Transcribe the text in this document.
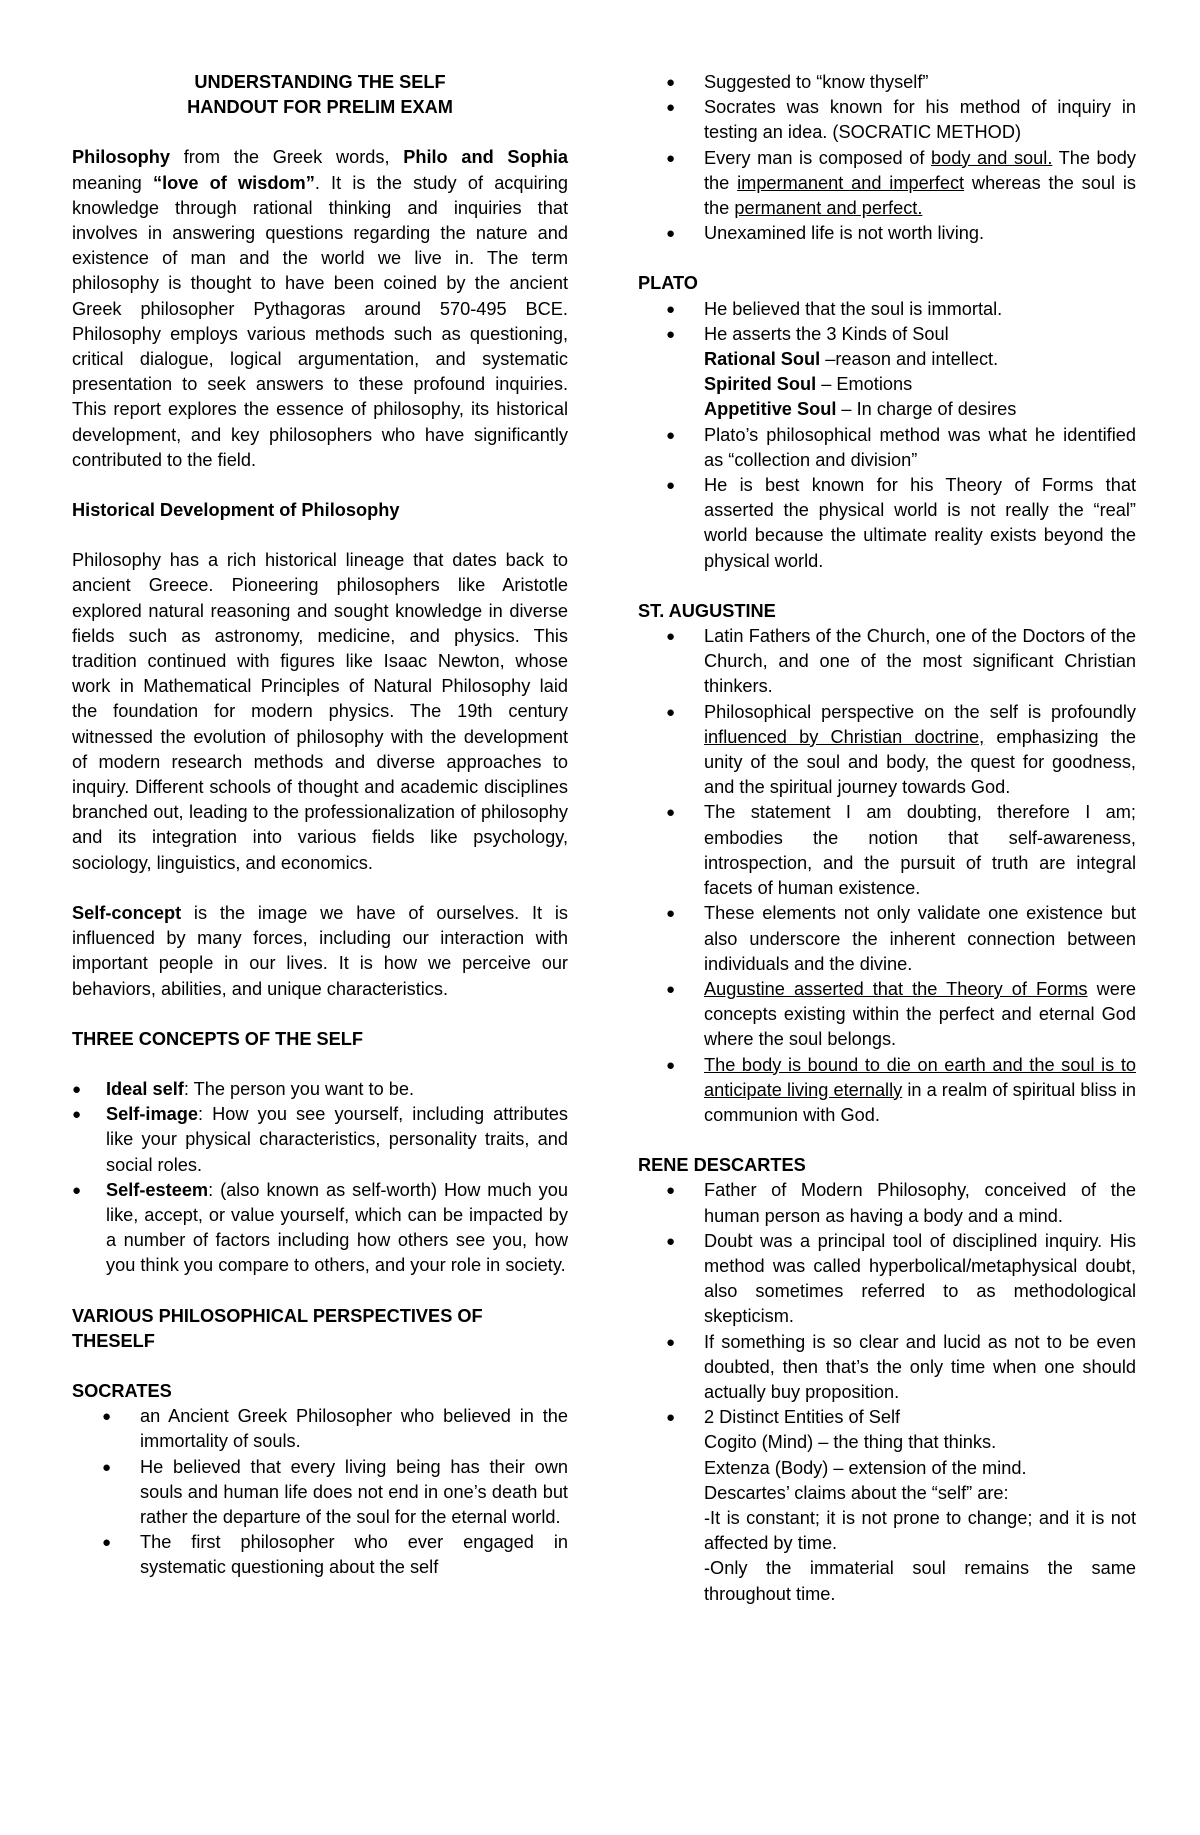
UNDERSTANDING THE SELF

HANDOUT FOR PRELIM EXAM

Philosophy from the Greek words, Philo and Sophia meaning “love of wisdom”. It is the study of acquiring knowledge through rational thinking and inquiries that involves in answering questions regarding the nature and existence of man and the world we live in. The term philosophy is thought to have been coined by the ancient Greek philosopher Pythagoras around 570-495 BCE. Philosophy employs various methods such as questioning, critical dialogue, logical argumentation, and systematic presentation to seek answers to these profound inquiries. This report explores the essence of philosophy, its historical development, and key philosophers who have significantly contributed to the field.

Historical Development of Philosophy

Philosophy has a rich historical lineage that dates back to ancient Greece. Pioneering philosophers like Aristotle explored natural reasoning and sought knowledge in diverse fields such as astronomy, medicine, and physics. This tradition continued with figures like Isaac Newton, whose work in Mathematical Principles of Natural Philosophy laid the foundation for modern physics. The 19th century witnessed the evolution of philosophy with the development of modern research methods and diverse approaches to inquiry. Different schools of thought and academic disciplines branched out, leading to the professionalization of philosophy and its integration into various fields like psychology, sociology, linguistics, and economics.

Self-concept is the image we have of ourselves. It is influenced by many forces, including our interaction with important people in our lives. It is how we perceive our behaviors, abilities, and unique characteristics.

THREE CONCEPTS OF THE SELF

● Ideal self: The person you want to be.
● Self-image: How you see yourself, including attributes like your physical characteristics, personality traits, and social roles.
● Self-esteem: (also known as self-worth) How much you like, accept, or value yourself, which can be impacted by a number of factors including how others see you, how you think you compare to others, and your role in society.

VARIOUS PHILOSOPHICAL PERSPECTIVES OF THESELF

SOCRATES

● an Ancient Greek Philosopher who believed in the immortality of souls.
● He believed that every living being has their own souls and human life does not end in one’s death but rather the departure of the soul for the eternal world.
● The first philosopher who ever engaged in systematic questioning about the self
● Suggested to “know thyself”
● Socrates was known for his method of inquiry in testing an idea. (SOCRATIC METHOD)
● Every man is composed of body and soul. The body the impermanent and imperfect whereas the soul is the permanent and perfect.
● Unexamined life is not worth living.

PLATO

● He believed that the soul is immortal.
● He asserts the 3 Kinds of Soul
Rational Soul –reason and intellect.
Spirited Soul – Emotions
Appetitive Soul – In charge of desires
● Plato’s philosophical method was what he identified as “collection and division”
● He is best known for his Theory of Forms that asserted the physical world is not really the “real” world because the ultimate reality exists beyond the physical world.

ST. AUGUSTINE

● Latin Fathers of the Church, one of the Doctors of the Church, and one of the most significant Christian thinkers.
● Philosophical perspective on the self is profoundly influenced by Christian doctrine, emphasizing the unity of the soul and body, the quest for goodness, and the spiritual journey towards God.
● The statement I am doubting, therefore I am; embodies the notion that self-awareness, introspection, and the pursuit of truth are integral facets of human existence.
● These elements not only validate one existence but also underscore the inherent connection between individuals and the divine.
● Augustine asserted that the Theory of Forms were concepts existing within the perfect and eternal God where the soul belongs.
● The body is bound to die on earth and the soul is to anticipate living eternally in a realm of spiritual bliss in communion with God.

RENE DESCARTES

● Father of Modern Philosophy, conceived of the human person as having a body and a mind.
● Doubt was a principal tool of disciplined inquiry. His method was called hyperbolical/metaphysical doubt, also sometimes referred to as methodological skepticism.
● If something is so clear and lucid as not to be even doubted, then that’s the only time when one should actually buy proposition.
● 2 Distinct Entities of Self
Cogito (Mind) – the thing that thinks.
Extenza (Body) – extension of the mind.
Descartes’ claims about the “self” are:
-It is constant; it is not prone to change; and it is not affected by time.
-Only the immaterial soul remains the same throughout time.
